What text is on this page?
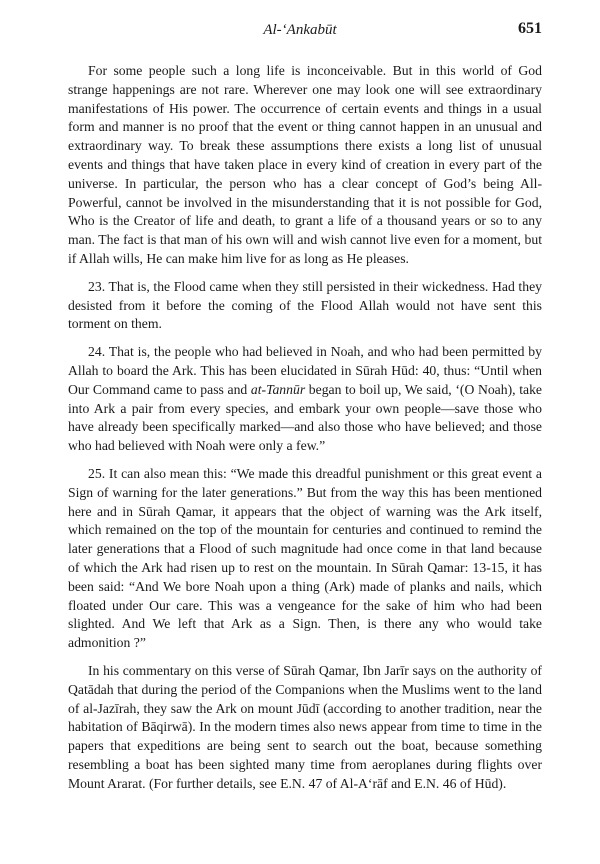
Al-‘Ankabūt	651

For some people such a long life is inconceivable. But in this world of God strange happenings are not rare. Wherever one may look one will see extraordinary manifestations of His power. The occurrence of certain events and things in a usual form and manner is no proof that the event or thing cannot happen in an unusual and extraordinary way. To break these assumptions there exists a long list of unusual events and things that have taken place in every kind of creation in every part of the universe. In particular, the person who has a clear concept of God’s being All-Powerful, cannot be involved in the misunderstanding that it is not possible for God, Who is the Creator of life and death, to grant a life of a thousand years or so to any man. The fact is that man of his own will and wish cannot live even for a moment, but if Allah wills, He can make him live for as long as He pleases.

23. That is, the Flood came when they still persisted in their wickedness. Had they desisted from it before the coming of the Flood Allah would not have sent this torment on them.

24. That is, the people who had believed in Noah, and who had been permitted by Allah to board the Ark. This has been elucidated in Sūrah Hūd: 40, thus: “Until when Our Command came to pass and at-Tannūr began to boil up, We said, ‘(O Noah), take into Ark a pair from every species, and embark your own people—save those who have already been specifically marked—and also those who have believed; and those who had believed with Noah were only a few.”

25. It can also mean this: “We made this dreadful punishment or this great event a Sign of warning for the later generations.” But from the way this has been mentioned here and in Sūrah Qamar, it appears that the object of warning was the Ark itself, which remained on the top of the mountain for centuries and continued to remind the later generations that a Flood of such magnitude had once come in that land because of which the Ark had risen up to rest on the mountain. In Sūrah Qamar: 13-15, it has been said: “And We bore Noah upon a thing (Ark) made of planks and nails, which floated under Our care. This was a vengeance for the sake of him who had been slighted. And We left that Ark as a Sign. Then, is there any who would take admonition ?”

In his commentary on this verse of Sūrah Qamar, Ibn Jarīr says on the authority of Qatādah that during the period of the Companions when the Muslims went to the land of al-Jazīrah, they saw the Ark on mount Jūdī (according to another tradition, near the habitation of Bāqirwā). In the modern times also news appear from time to time in the papers that expeditions are being sent to search out the boat, because something resembling a boat has been sighted many time from aeroplanes during flights over Mount Ararat. (For further details, see E.N. 47 of Al-A‘rāf and E.N. 46 of Hūd).
